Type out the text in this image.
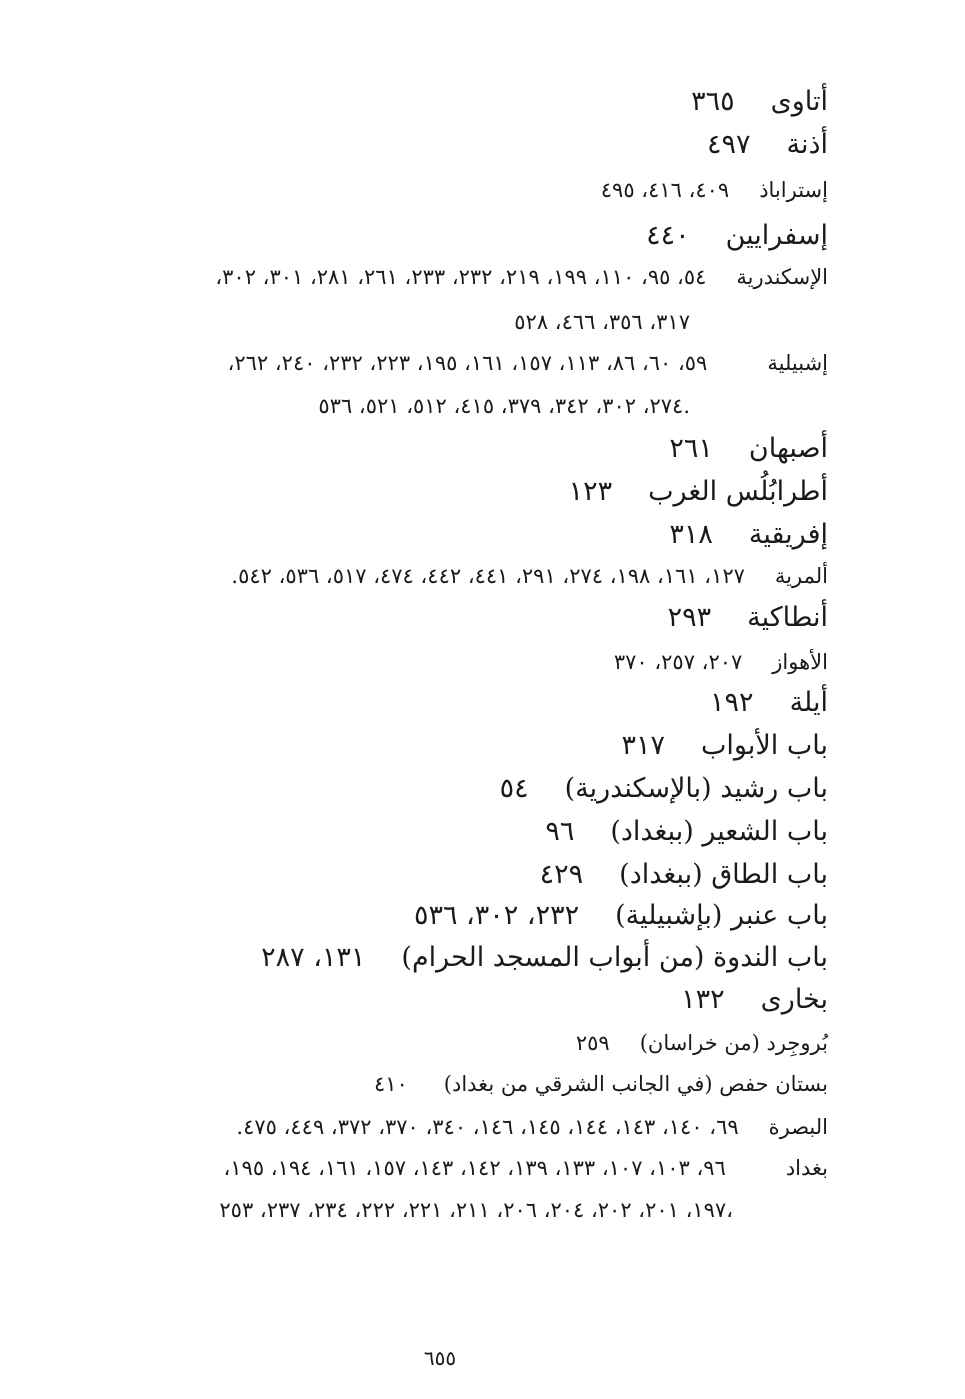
أتاوى٣٦٥
أذنة٤٩٧
إستراباذ٤٠٩، ٤١٦، ٤٩٥
إسفرايين٤٤٠
الإسكندرية٥٤، ٩٥، ١١٠، ١٩٩، ٢١٩، ٢٣٢، ٢٣٣، ٢٦١، ٢٨١، ٣٠١، ٣٠٢،
٣١٧، ٣٥٦، ٤٦٦، ٥٢٨
إشبيلية٥٩، ٦٠، ٨٦، ١١٣، ١٥٧، ١٦١، ١٩٥، ٢٢٣، ٢٣٢، ٢٤٠، ٢٦٢،
٢٧٤، ٣٠٢، ٣٤٢، ٣٧٩، ٤١٥، ٥١٢، ٥٢١، ٥٣٦.
أصبهان٢٦١
أطرابُلُس الغرب١٢٣
إفريقية٣١٨
ألمرية١٢٧، ١٦١، ١٩٨، ٢٧٤، ٢٩١، ٤٤١، ٤٤٢، ٤٧٤، ٥١٧، ٥٣٦، ٥٤٢.
أنطاكية٢٩٣
الأهواز٢٠٧، ٢٥٧، ٣٧٠
أيلة١٩٢
باب الأبواب٣١٧
باب رشيد (بالإسكندرية)٥٤
باب الشعير (ببغداد)٩٦
باب الطاق (ببغداد)٤٢٩
باب عنبر (بإشبيلية)٢٣٢، ٣٠٢، ٥٣٦
باب الندوة (من أبواب المسجد الحرام)١٣١، ٢٨٧
بخارى١٣٢
بُروجِرد (من خراسان)٢٥٩
بستان حفص (في الجانب الشرقي من بغداد)٤١٠
البصرة٦٩، ١٤٠، ١٤٣، ١٤٤، ١٤٥، ١٤٦، ٣٤٠، ٣٧٠، ٣٧٢، ٤٤٩، ٤٧٥.
بغداد٩٦، ١٠٣، ١٠٧، ١٣٣، ١٣٩، ١٤٢، ١٤٣، ١٥٧، ١٦١، ١٩٤، ١٩٥،
١٩٧، ٢٠١، ٢٠٢، ٢٠٤، ٢٠٦، ٢١١، ٢٢١، ٢٢٢، ٢٣٤، ٢٣٧، ٢٥٣،
٦٥٥
